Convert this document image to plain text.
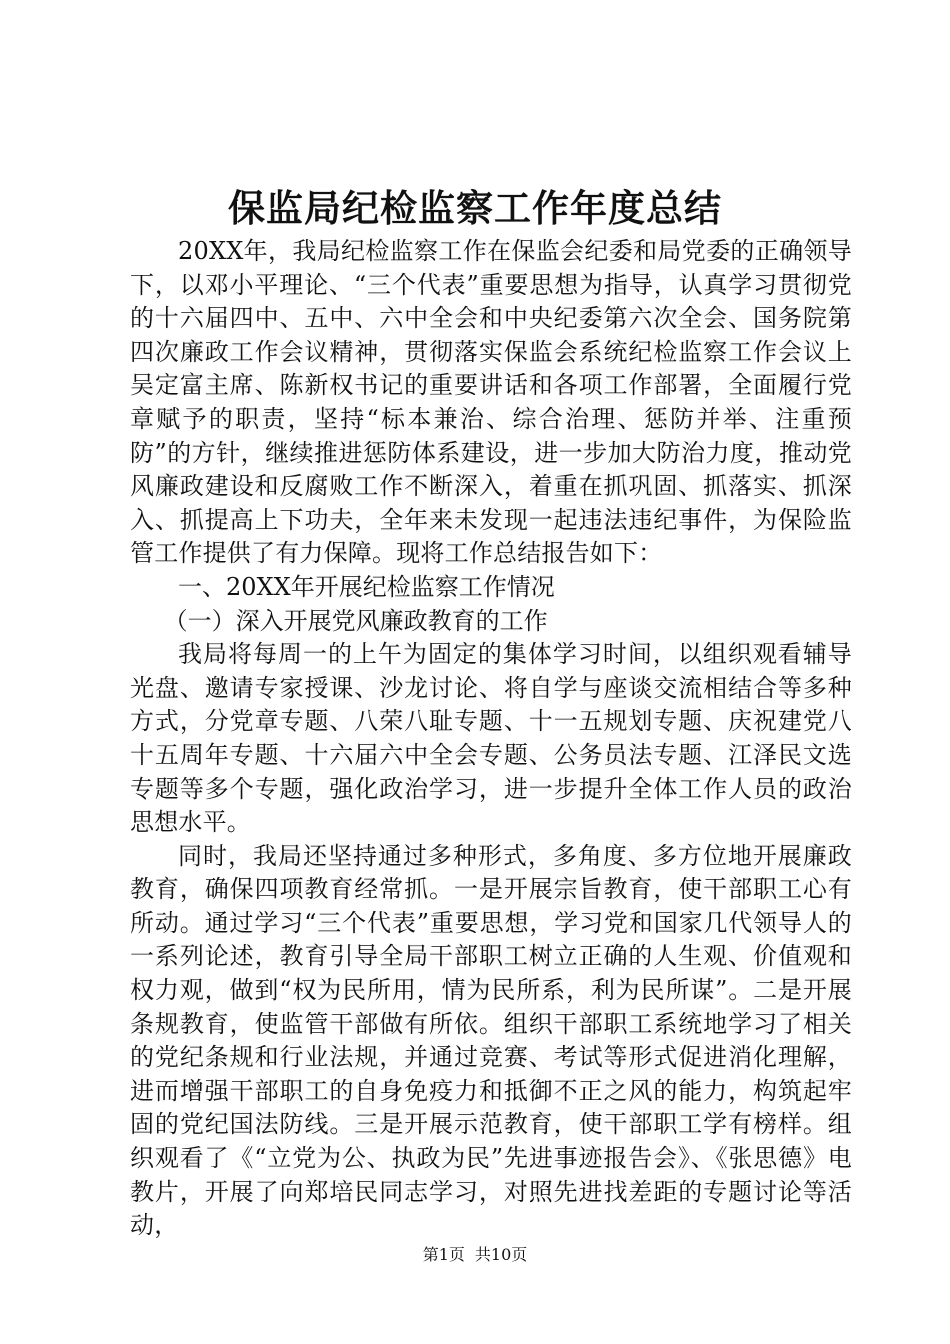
保监局纪检监察工作年度总结

20XX年，我局纪检监察工作在保监会纪委和局党委的正确领导下，以邓小平理论、“三个代表”重要思想为指导，认真学习贯彻党的十六届四中、五中、六中全会和中央纪委第六次全会、国务院第四次廉政工作会议精神，贯彻落实保监会系统纪检监察工作会议上吴定富主席、陈新权书记的重要讲话和各项工作部署，全面履行党章赋予的职责，坚持“标本兼治、综合治理、惩防并举、注重预防”的方针，继续推进惩防体系建设，进一步加大防治力度，推动党风廉政建设和反腐败工作不断深入，着重在抓巩固、抓落实、抓深入、抓提高上下功夫，全年来未发现一起违法违纪事件，为保险监管工作提供了有力保障。现将工作总结报告如下：

一、20XX年开展纪检监察工作情况

（一）深入开展党风廉政教育的工作

我局将每周一的上午为固定的集体学习时间，以组织观看辅导光盘、邀请专家授课、沙龙讨论、将自学与座谈交流相结合等多种方式，分党章专题、八荣八耻专题、十一五规划专题、庆祝建党八十五周年专题、十六届六中全会专题、公务员法专题、江泽民文选专题等多个专题，强化政治学习，进一步提升全体工作人员的政治思想水平。

同时，我局还坚持通过多种形式，多角度、多方位地开展廉政教育，确保四项教育经常抓。一是开展宗旨教育，使干部职工心有所动。通过学习“三个代表”重要思想，学习党和国家几代领导人的一系列论述，教育引导全局干部职工树立正确的人生观、价值观和权力观，做到“权为民所用，情为民所系，利为民所谋”。二是开展条规教育，使监管干部做有所依。组织干部职工系统地学习了相关的党纪条规和行业法规，并通过竞赛、考试等形式促进消化理解，进而增强干部职工的自身免疫力和抵御不正之风的能力，构筑起牢固的党纪国法防线。三是开展示范教育，使干部职工学有榜样。组织观看了《“立党为公、执政为民”先进事迹报告会》、《张思德》电教片，开展了向郑培民同志学习，对照先进找差距的专题讨论等活动，

第1页 共10页
